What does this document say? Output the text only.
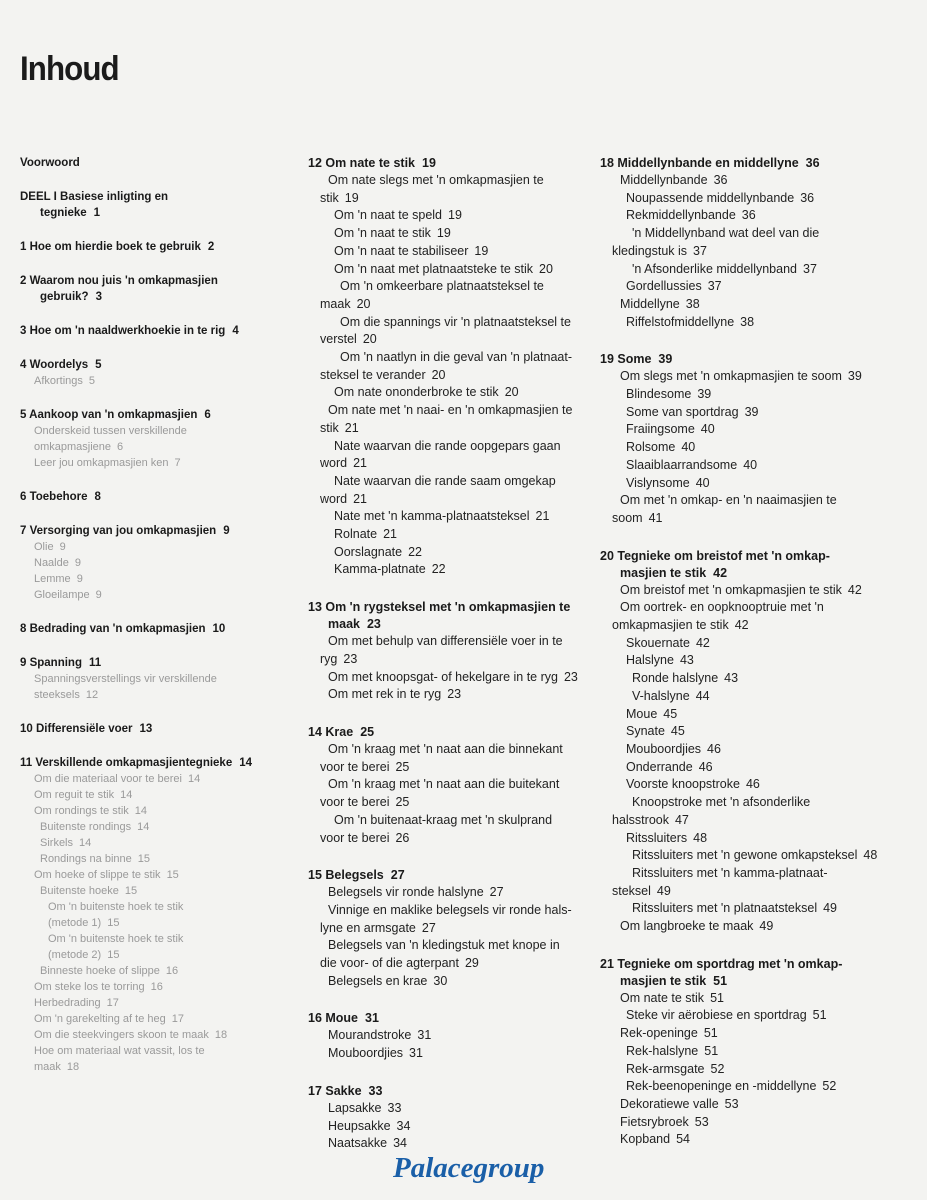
Inhoud
Voorwoord
DEEL I Basiese inligting en
tegnieke 1
1 Hoe om hierdie boek te gebruik 2
2 Waarom nou juis 'n omkapmasjien
gebruik? 3
3 Hoe om 'n naaldwerkhoekie in te rig 4
4 Woordelys 5
Afkortings 5
5 Aankoop van 'n omkapmasjien 6
Onderskeid tussen verskillende
omkapmasjiene 6
Leer jou omkapmasjien ken 7
6 Toebehore 8
7 Versorging van jou omkapmasjien 9
Olie 9
Naalde 9
Lemme 9
Gloeilampe 9
8 Bedrading van 'n omkapmasjien 10
9 Spanning 11
Spanningsverstellings vir verskillende
steeksels 12
10 Differensiële voer 13
11 Verskillende omkapmasjientegnieke 14
Om die materiaal voor te berei 14
Om reguit te stik 14
Om rondings te stik 14
Buitenste rondings 14
Sirkels 14
Rondings na binne 15
Om hoeke of slippe te stik 15
Buitenste hoeke 15
Om 'n buitenste hoek te stik
(metode 1) 15
Om 'n buitenste hoek te stik
(metode 2) 15
Binneste hoeke of slippe 16
Om steke los te torring 16
Herbedrading 17
Om 'n garekelting af te heg 17
Om die steekvingers skoon te maak 18
Hoe om materiaal wat vassit, los te
maak 18
12 Om nate te stik 19
Om nate slegs met 'n omkapmasjien te
stik 19
Om 'n naat te speld 19
Om 'n naat te stik 19
Om 'n naat te stabiliseer 19
Om 'n naat met platnaatsteke te stik 20
Om 'n omkeerbare platnaatsteksel te
maak 20
Om die spannings vir 'n platnaatsteksel te
verstel 20
Om 'n naatlyn in die geval van 'n platnaat-
steksel te verander 20
Om nate ononderbroke te stik 20
Om nate met 'n naai- en 'n omkapmasjien te
stik 21
Nate waarvan die rande oopgepars gaan
word 21
Nate waarvan die rande saam omgekap
word 21
Nate met 'n kamma-platnaatsteksel 21
Rolnate 21
Oorslagnate 22
Kamma-platnate 22
13 Om 'n rygsteksel met 'n omkapmasjien te
maak 23
Om met behulp van differensiële voer in te
ryg 23
Om met knoopsgat- of hekelgare in te ryg 23
Om met rek in te ryg 23
14 Krae 25
Om 'n kraag met 'n naat aan die binnekant
voor te berei 25
Om 'n kraag met 'n naat aan die buitekant
voor te berei 25
Om 'n buitenaat-kraag met 'n skulprand
voor te berei 26
15 Belegsels 27
Belegsels vir ronde halslyne 27
Vinnige en maklike belegsels vir ronde hals-
lyne en armsgate 27
Belegsels van 'n kledingstuk met knope in
die voor- of die agterpant 29
Belegsels en krae 30
16 Moue 31
Mourandstroke 31
Mouboordjies 31
17 Sakke 33
Lapsakke 33
Heupsakke 34
Naatsakke 34
18 Middellynbande en middellyne 36
Middellynbande 36
Noupassende middellynbande 36
Rekmiddellynbande 36
'n Middellynband wat deel van die
kledingstuk is 37
'n Afsonderlike middellynband 37
Gordellussies 37
Middellyne 38
Riffelstofmiddellyne 38
19 Some 39
Om slegs met 'n omkapmasjien te soom 39
Blindesome 39
Some van sportdrag 39
Fraiingsome 40
Rolsome 40
Slaaiblaarrandsome 40
Vislynsome 40
Om met 'n omkap- en 'n naaimasjien te
soom 41
20 Tegnieke om breistof met 'n omkap-
masjien te stik 42
Om breistof met 'n omkapmasjien te stik 42
Om oortrek- en oopknooptruie met 'n
omkapmasjien te stik 42
Skouernate 42
Halslyne 43
Ronde halslyne 43
V-halslyne 44
Moue 45
Synate 45
Mouboordjies 46
Onderrande 46
Voorste knoopstroke 46
Knoopstroke met 'n afsonderlike
halsstrook 47
Ritssluiters 48
Ritssluiters met 'n gewone omkapsteksel 48
Ritssluiters met 'n kamma-platnaat-
steksel 49
Ritssluiters met 'n platnaatsteksel 49
Om langbroeke te maak 49
21 Tegnieke om sportdrag met 'n omkap-
masjien te stik 51
Om nate te stik 51
Steke vir aërobiese en sportdrag 51
Rek-openinge 51
Rek-halslyne 51
Rek-armsgate 52
Rek-beenopeninge en -middellyne 52
Dekoratiewe valle 53
Fietsrybroek 53
Kopband 54
Palacegroup
